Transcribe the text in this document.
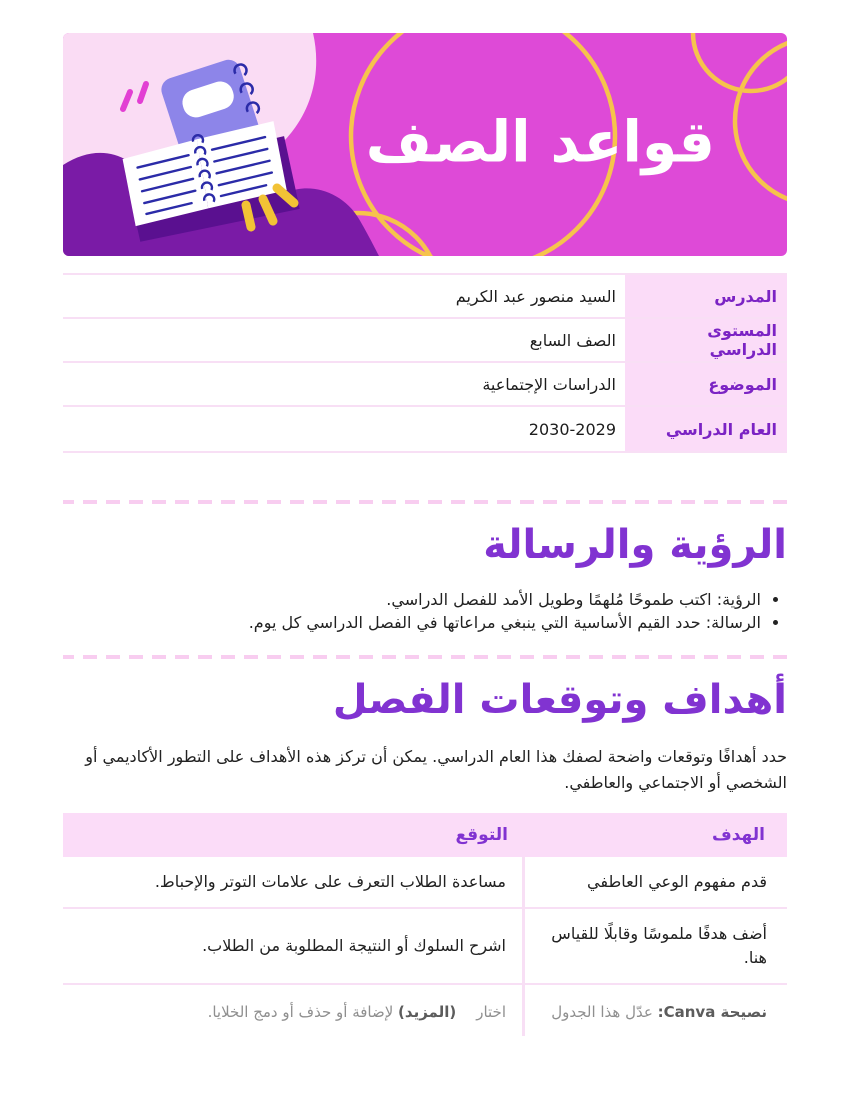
قواعد الصف
المدرس
السيد منصور عبد الكريم
المستوى الدراسي
الصف السابع
الموضوع
الدراسات الإجتماعية
العام الدراسي
2030-2029
الرؤية والرسالة
• الرؤية: اكتب طموحًا مُلهمًا وطويل الأمد للفصل الدراسي.
• الرسالة: حدد القيم الأساسية التي ينبغي مراعاتها في الفصل الدراسي كل يوم.
أهداف وتوقعات الفصل

حدد أهدافًا وتوقعات واضحة لصفك هذا العام الدراسي. يمكن أن تركز هذه الأهداف على التطور الأكاديمي أو الشخصي أو الاجتماعي والعاطفي.

الهدف
التوقع
قدم مفهوم الوعي العاطفي
مساعدة الطلاب التعرف على علامات التوتر والإحباط.
أضف هدفًا ملموسًا وقابلًا للقياس هنا.
اشرح السلوك أو النتيجة المطلوبة من الطلاب.
نصيحة Canva: عدّل هذا الجدول
اختار(المزيد) لإضافة أو حذف أو دمج الخلايا.
